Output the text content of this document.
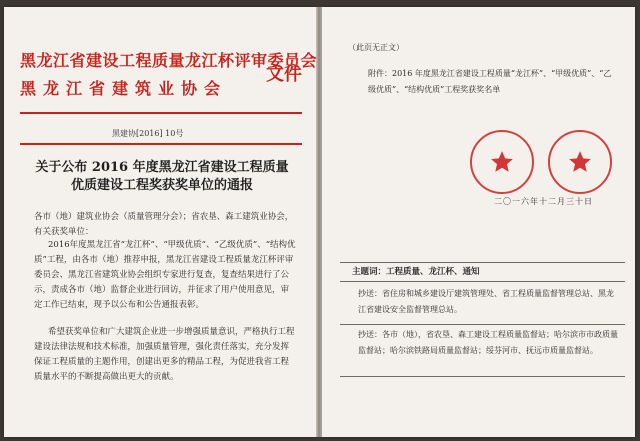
黑龙江省建设工程质量龙江杯评审委员会
黑龙江省建筑业协会
文件
黑建协[2016] 10号
关于公布 2016 年度黑龙江省建设工程质量
优质建设工程奖获奖单位的通报
各市（地）建筑业协会（质量管理分会）；省农垦、森工建筑业协会，有关获奖单位：
2016年度黑龙江省“龙江杯”、“甲级优质”、“乙级优质”、“结构优质”工程，由各市（地）推荐申报，黑龙江省建设工程质量龙江杯评审委员会、黑龙江省建筑业协会组织专家进行复查，复查结果进行了公示，责成各市（地）监督企业进行回访，并征求了用户使用意见，审定工作已结束，现予以公布和公告通报表彰。
希望获奖单位和广大建筑企业进一步增强质量意识，严格执行工程建设法律法规和技术标准，加强质量管理，强化责任落实，充分发挥保证工程质量的主题作用，创建出更多的精品工程，为促进我省工程质量水平的不断提高做出更大的贡献。
（此页无正文）
附件：2016 年度黑龙江省建设工程质量“龙江杯”、“甲级优质”、“乙级优质”、“结构优质”工程奖获奖名单
二〇一六年十二月三十日
主题词：工程质量、龙江杯、通知
抄送：省住房和城乡建设厅建筑管理处、省工程质量监督管理总站、黑龙江省建设安全监督管理总站。
抄送：各市（地），省农垦、森工建设工程质量监督站；哈尔滨市市政质量监督站；哈尔滨铁路局质量监督站；绥芬河市、抚远市质量监督站。
